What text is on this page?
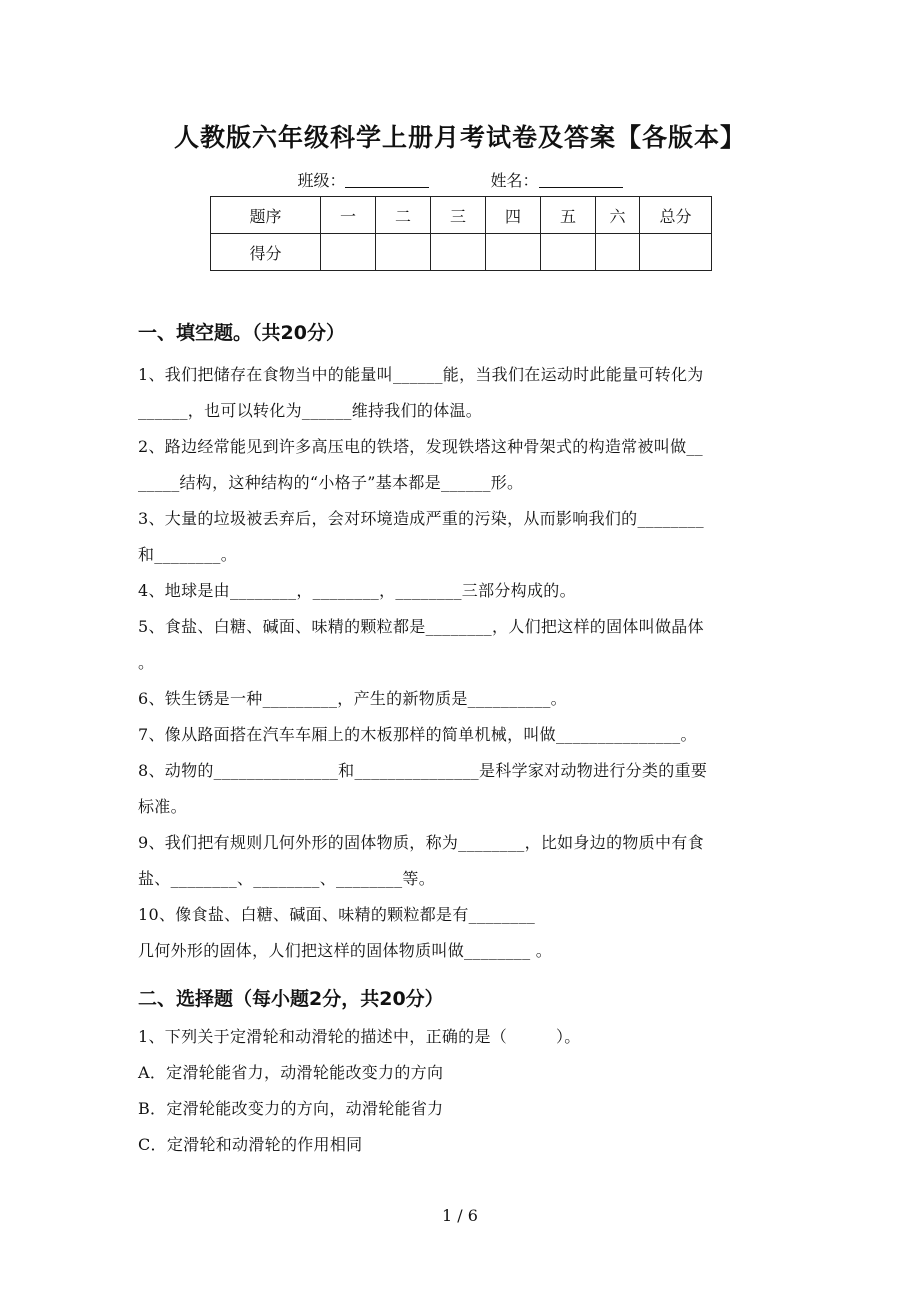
人教版六年级科学上册月考试卷及答案【各版本】
班级：	姓名：
题序	一	二	三	四	五	六	总分
得分							
一、填空题。（共20分）
1、我们把储存在食物当中的能量叫______能，当我们在运动时此能量可转化为
______，也可以转化为______维持我们的体温。
2、路边经常能见到许多高压电的铁塔，发现铁塔这种骨架式的构造常被叫做__
_____结构，这种结构的“小格子”基本都是______形。
3、大量的垃圾被丢弃后，会对环境造成严重的污染，从而影响我们的________
和________。
4、地球是由________，________，________三部分构成的。
5、食盐、白糖、碱面、味精的颗粒都是________，人们把这样的固体叫做晶体
。
6、铁生锈是一种_________，产生的新物质是__________。
7、像从路面搭在汽车车厢上的木板那样的简单机械，叫做_______________。
8、动物的_______________和_______________是科学家对动物进行分类的重要
标准。
9、我们把有规则几何外形的固体物质，称为________，比如身边的物质中有食
盐、________、________、________等。
10、像食盐、白糖、碱面、味精的颗粒都是有________
几何外形的固体，人们把这样的固体物质叫做________ 。
二、选择题（每小题2分，共20分）
1、下列关于定滑轮和动滑轮的描述中，正确的是（　　　）。
A．定滑轮能省力，动滑轮能改变力的方向
B．定滑轮能改变力的方向，动滑轮能省力
C．定滑轮和动滑轮的作用相同
1 / 6
